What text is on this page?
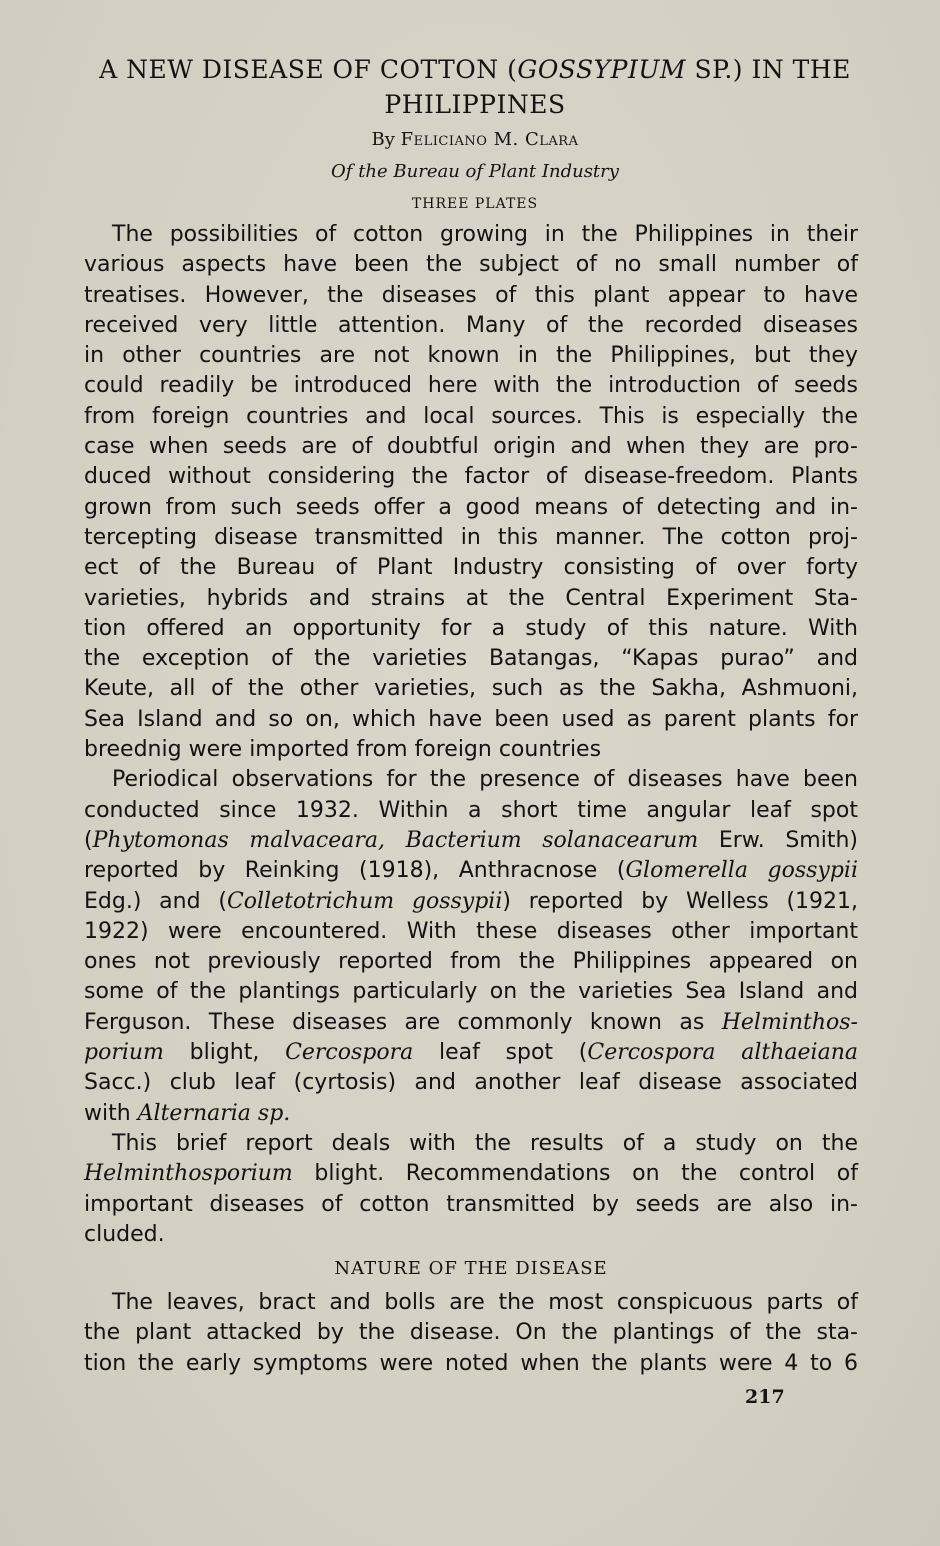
A NEW DISEASE OF COTTON (GOSSYPIUM SP.) IN THE
PHILIPPINES
By Feliciano M. Clara
Of the Bureau of Plant Industry
THREE PLATES
The possibilities of cotton growing in the Philippines in their
various aspects have been the subject of no small number of
treatises. However, the diseases of this plant appear to have
received very little attention. Many of the recorded diseases
in other countries are not known in the Philippines, but they
could readily be introduced here with the introduction of seeds
from foreign countries and local sources. This is especially the
case when seeds are of doubtful origin and when they are pro-
duced without considering the factor of disease-freedom. Plants
grown from such seeds offer a good means of detecting and in-
tercepting disease transmitted in this manner. The cotton proj-
ect of the Bureau of Plant Industry consisting of over forty
varieties, hybrids and strains at the Central Experiment Sta-
tion offered an opportunity for a study of this nature. With
the exception of the varieties Batangas, “Kapas purao” and
Keute, all of the other varieties, such as the Sakha, Ashmuoni,
Sea Island and so on, which have been used as parent plants for
breednig were imported from foreign countries
Periodical observations for the presence of diseases have been
conducted since 1932. Within a short time angular leaf spot
(Phytomonas malvaceara, Bacterium solanacearum Erw. Smith)
reported by Reinking (1918), Anthracnose (Glomerella gossypii
Edg.) and (Colletotrichum gossypii) reported by Welless (1921,
1922) were encountered. With these diseases other important
ones not previously reported from the Philippines appeared on
some of the plantings particularly on the varieties Sea Island and
Ferguson. These diseases are commonly known as Helminthos-
porium blight, Cercospora leaf spot (Cercospora althaeiana
Sacc.) club leaf (cyrtosis) and another leaf disease associated
with Alternaria sp.
This brief report deals with the results of a study on the
Helminthosporium blight. Recommendations on the control of
important diseases of cotton transmitted by seeds are also in-
cluded.
NATURE OF THE DISEASE
The leaves, bract and bolls are the most conspicuous parts of
the plant attacked by the disease. On the plantings of the sta-
tion the early symptoms were noted when the plants were 4 to 6
217
